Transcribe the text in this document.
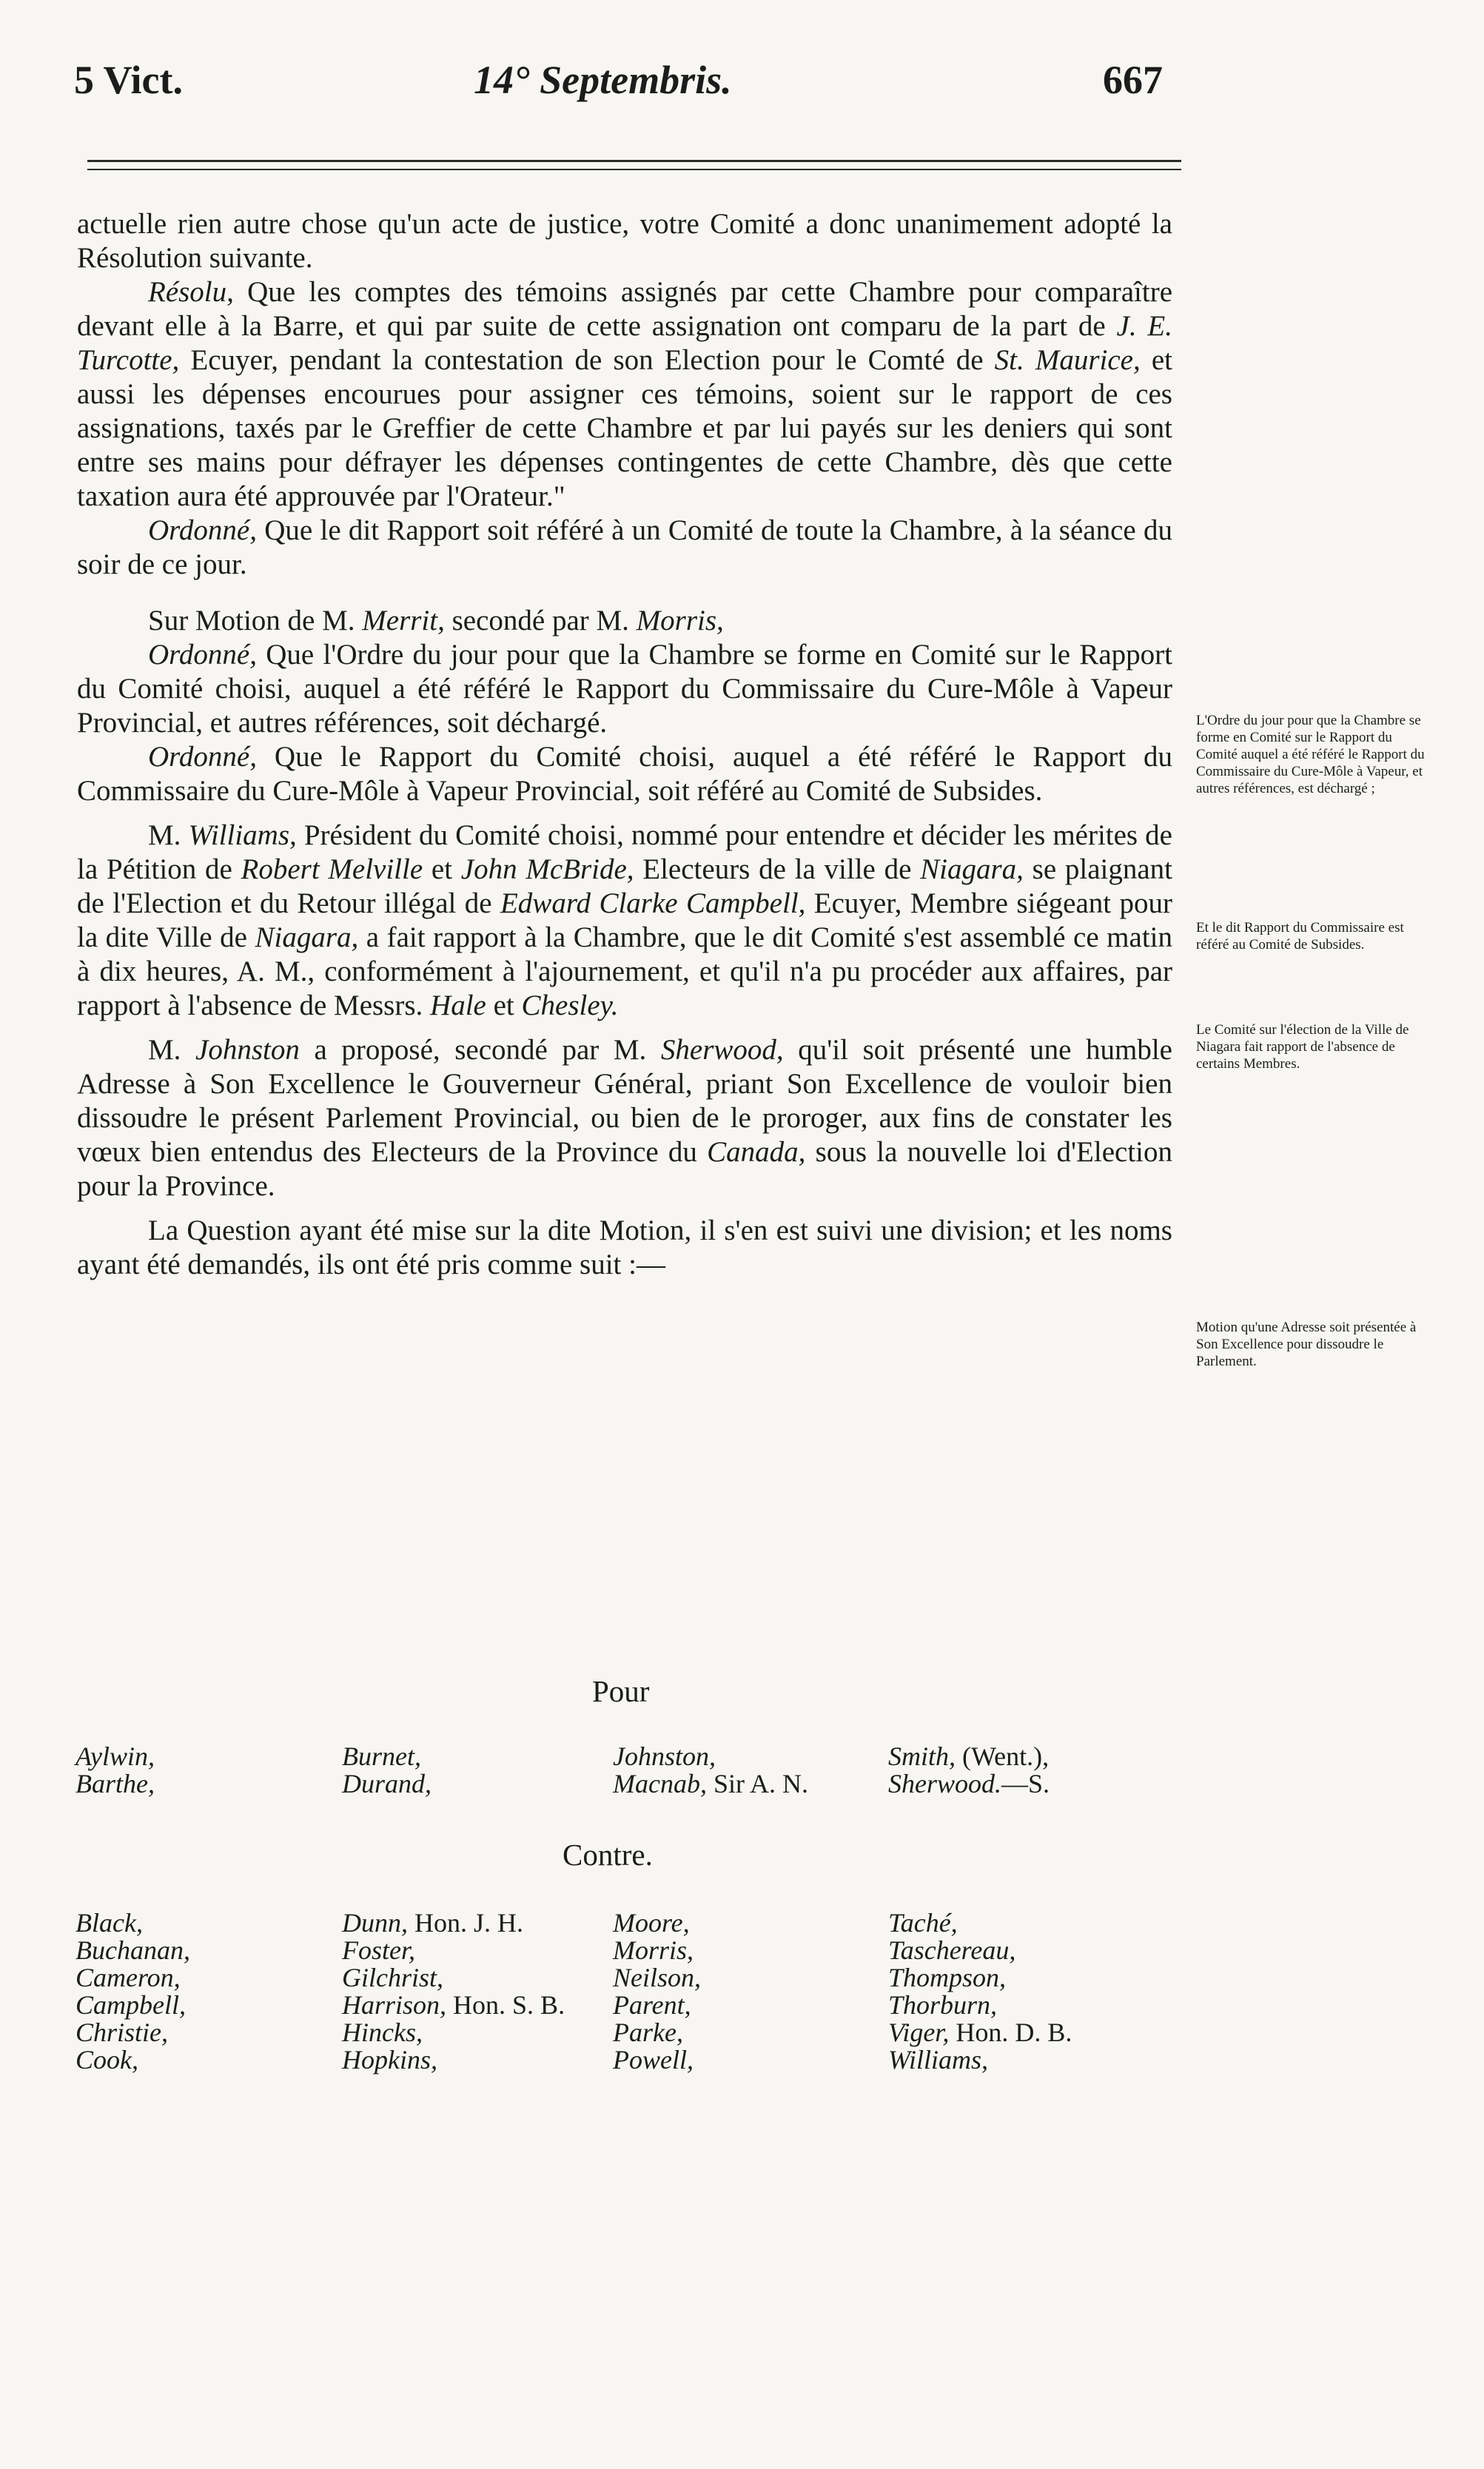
5 Vict.	14° Septembris.	667

actuelle rien autre chose qu'un acte de justice, votre Comité a donc unanimement adopté la Résolution suivante.

Résolu, Que les comptes des témoins assignés par cette Chambre pour comparaître devant elle à la Barre, et qui par suite de cette assignation ont comparu de la part de J. E. Turcotte, Ecuyer, pendant la contestation de son Election pour le Comté de St. Maurice, et aussi les dépenses encourues pour assigner ces témoins, soient sur le rapport de ces assignations, taxés par le Greffier de cette Chambre et par lui payés sur les deniers qui sont entre ses mains pour défrayer les dépenses contingentes de cette Chambre, dès que cette taxation aura été approuvée par l'Orateur."

Ordonné, Que le dit Rapport soit référé à un Comité de toute la Chambre, à la séance du soir de ce jour.

Sur Motion de M. Merrit, secondé par M. Morris,

Ordonné, Que l'Ordre du jour pour que la Chambre se forme en Comité sur le Rapport du Comité choisi, auquel a été référé le Rapport du Commissaire du Cure-Môle à Vapeur Provincial, et autres références, soit déchargé.

Ordonné, Que le Rapport du Comité choisi, auquel a été référé le Rapport du Commissaire du Cure-Môle à Vapeur Provincial, soit référé au Comité de Subsides.

M. Williams, Président du Comité choisi, nommé pour entendre et décider les mérites de la Pétition de Robert Melville et John McBride, Electeurs de la ville de Niagara, se plaignant de l'Election et du Retour illégal de Edward Clarke Campbell, Ecuyer, Membre siégeant pour la dite Ville de Niagara, a fait rapport à la Chambre, que le dit Comité s'est assemblé ce matin à dix heures, A. M., conformément à l'ajournement, et qu'il n'a pu procéder aux affaires, par rapport à l'absence de Messrs. Hale et Chesley.

M. Johnston a proposé, secondé par M. Sherwood, qu'il soit présenté une humble Adresse à Son Excellence le Gouverneur Général, priant Son Excellence de vouloir bien dissoudre le présent Parlement Provincial, ou bien de le proroger, aux fins de constater les vœux bien entendus des Electeurs de la Province du Canada, sous la nouvelle loi d'Election pour la Province.

La Question ayant été mise sur la dite Motion, il s'en est suivi une division; et les noms ayant été demandés, ils ont été pris comme suit :—

L'Ordre du jour pour que la Chambre se forme en Comité sur le Rapport du Comité auquel a été référé le Rapport du Commissaire du Cure-Môle à Vapeur, et autres références, est déchargé ;
Et le dit Rapport du Commissaire est référé au Comité de Subsides.
Le Comité sur l'élection de la Ville de Niagara fait rapport de l'absence de certains Membres.
Motion qu'une Adresse soit présentée à Son Excellence pour dissoudre le Parlement.
Pour
Aylwin,
Barthe,
Burnet,
Durand,
Johnston,
Macnab, Sir A. N.
Smith, (Went.),
Sherwood.—S.
Contre.
Black,
Buchanan,
Cameron,
Campbell,
Christie,
Cook,
Dunn, Hon. J. H.
Foster,
Gilchrist,
Harrison, Hon. S. B.
Hincks,
Hopkins,
Moore,
Morris,
Neilson,
Parent,
Parke,
Powell,
Taché,
Taschereau,
Thompson,
Thorburn,
Viger, Hon. D. B.
Williams,
